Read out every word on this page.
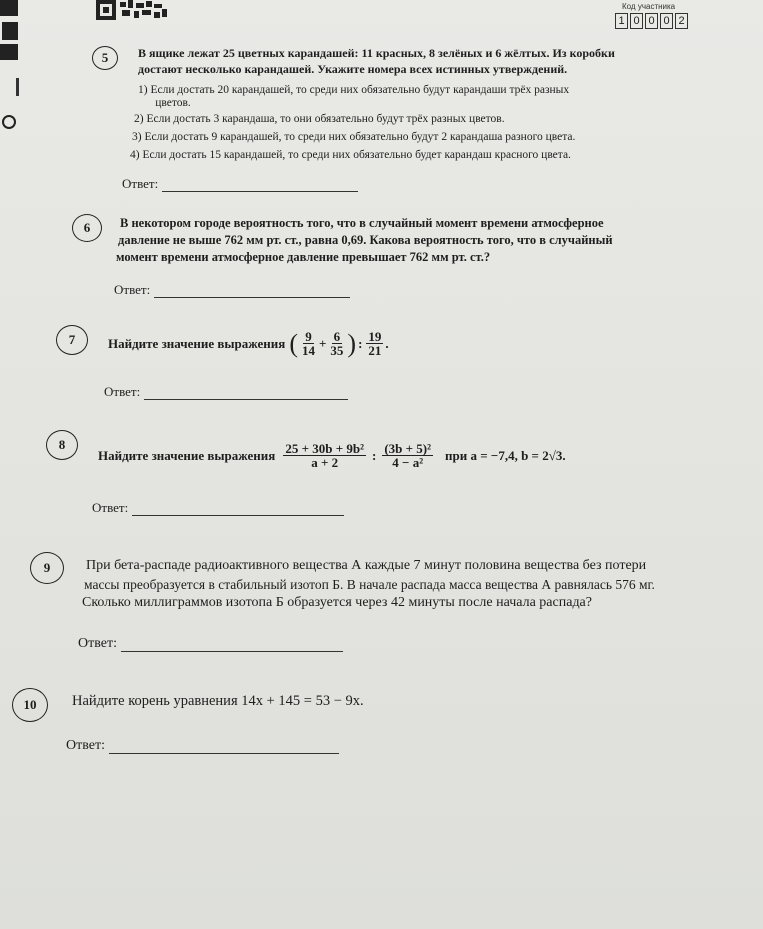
Код участника
1 0 0 0 2
5	В ящике лежат 25 цветных карандашей: 11 красных, 8 зелёных и 6 жёлтых. Из коробки
достают несколько карандашей. Укажите номера всех истинных утверждений.
1) Если достать 20 карандашей, то среди них обязательно будут карандаши трёх разных
цветов.
2) Если достать 3 карандаша, то они обязательно будут трёх разных цветов.
3) Если достать 9 карандашей, то среди них обязательно будут 2 карандаша разного цвета.
4) Если достать 15 карандашей, то среди них обязательно будет карандаш красного цвета.
Ответ:
6	В некотором городе вероятность того, что в случайный момент времени атмосферное
давление не выше 762 мм рт. ст., равна 0,69. Какова вероятность того, что в случайный
момент времени атмосферное давление превышает 762 мм рт. ст.?
Ответ:
7	Найдите значение выражения ( $\frac{9}{14} + \frac{6}{35}$ ) : $\frac{19}{21}$ .
Ответ:
8
Найдите значение выражения $\frac{\text{25 + 30b + 9b²}}{a + 2}$ : $\frac{\text{(3b + 5)²}}{\text{4 − a²}}$ при a = −7,4, b = 2√3.
Ответ:
9	При бета-распаде радиоактивного вещества А каждые 7 минут половина вещества без потери
массы преобразуется в стабильный изотоп Б. В начале распада масса вещества А равнялась 576 мг.
Сколько миллиграммов изотопа Б образуется через 42 минуты после начала распада?
Ответ:
10	Найдите корень уравнения 14x + 145 = 53 − 9x.
Ответ:
